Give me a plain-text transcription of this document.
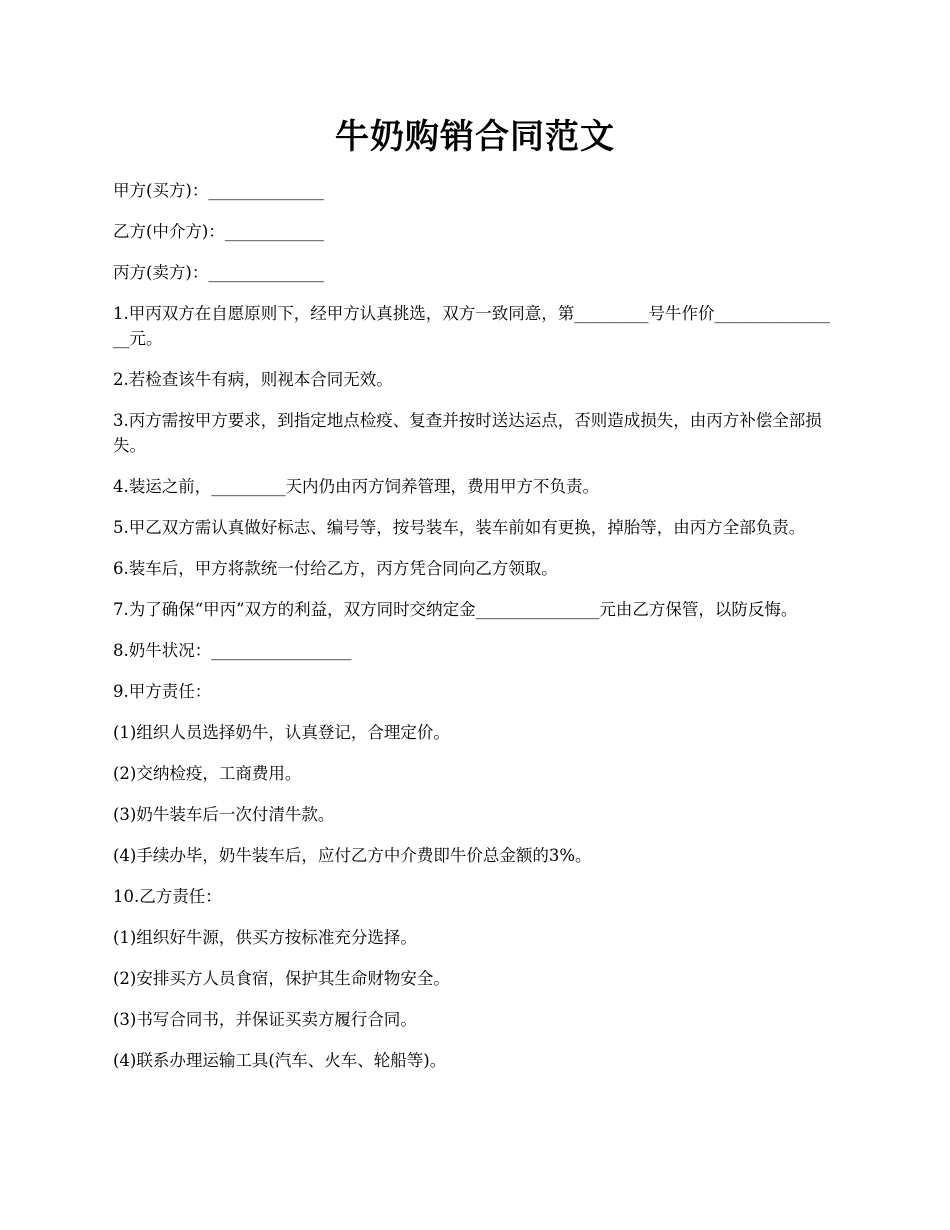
牛奶购销合同范文

甲方(买方)：______________

乙方(中介方)：____________

丙方(卖方)：______________

1.甲丙双方在自愿原则下，经甲方认真挑选，双方一致同意，第_________号牛作价________________元。

2.若检查该牛有病，则视本合同无效。

3.丙方需按甲方要求，到指定地点检疫、复查并按时送达运点，否则造成损失，由丙方补偿全部损失。

4.装运之前，_________天内仍由丙方饲养管理，费用甲方不负责。

5.甲乙双方需认真做好标志、编号等，按号装车，装车前如有更换，掉胎等，由丙方全部负责。

6.装车后，甲方将款统一付给乙方，丙方凭合同向乙方领取。

7.为了确保“甲丙”双方的利益，双方同时交纳定金_______________元由乙方保管，以防反悔。

8.奶牛状况：_________________

9.甲方责任：

(1)组织人员选择奶牛，认真登记，合理定价。

(2)交纳检疫，工商费用。

(3)奶牛装车后一次付清牛款。

(4)手续办毕，奶牛装车后，应付乙方中介费即牛价总金额的3%。

10.乙方责任：

(1)组织好牛源，供买方按标准充分选择。

(2)安排买方人员食宿，保护其生命财物安全。

(3)书写合同书，并保证买卖方履行合同。

(4)联系办理运输工具(汽车、火车、轮船等)。
